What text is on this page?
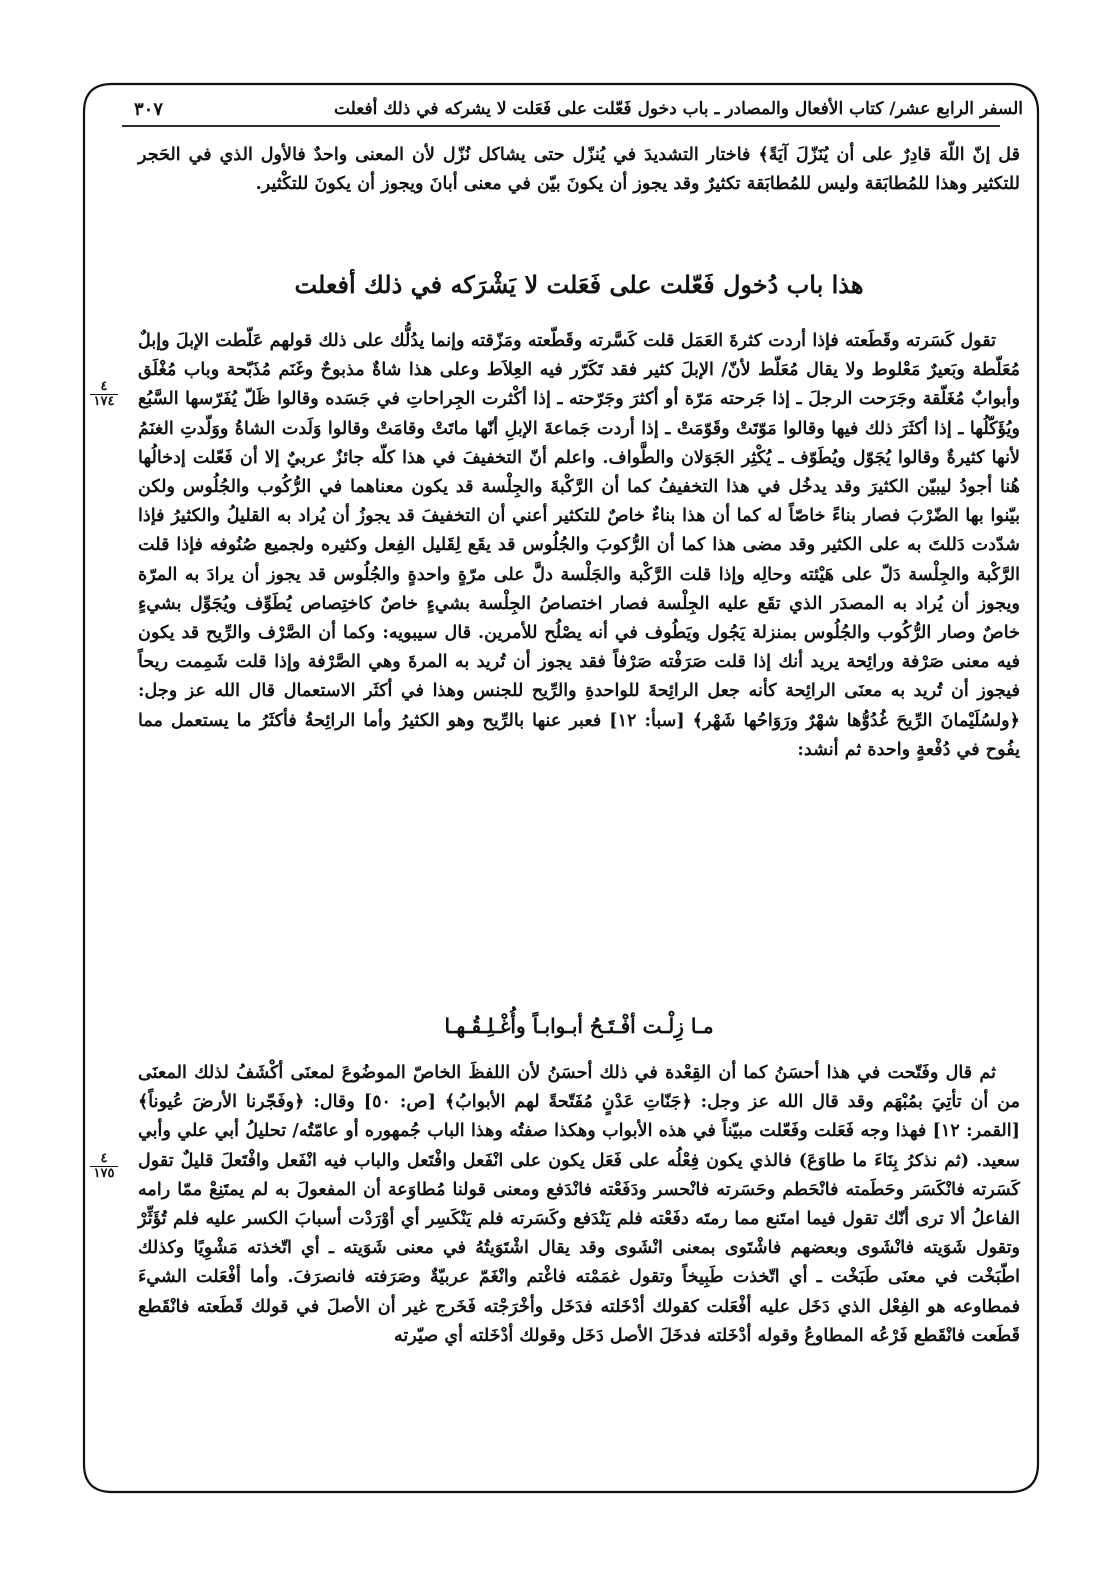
السفر الرابع عشر/ كتاب الأفعال والمصادر ـ باب دخول فَعّلت على فَعَلت لا يشركه في ذلك أفعلت
٣٠٧
قل إنّ اللّهَ قادِرٌ على أن يُنَزّلَ آيَةً﴾ فاختار التشديدَ في يُنزّل حتى يشاكل نُزّل لأن المعنى واحدٌ فالأول الذي في الحَجر للتكثير وهذا للمُطابَقة وليس للمُطابَقة تكثيرٌ وقد يجوز أن يكونَ بيّن في معنى أبانَ ويجوز أن يكونَ للتكْثير.
هذا باب دُخول فَعّلت على فَعَلت لا يَشْرَكه في ذلك أفعلت
تقول كَسَرته وقَطَعته فإذا أردت كثرةَ العَمَل قلت كَسَّرته وقَطّعته ومَزّقته وإنما يدُلُّك على ذلك قولهم عَلّطت الإبلَ وإبلٌ مُعَلّطة وبَعيرٌ مَعْلوط ولا يقال مُعَلّط لأنّ/ الإبلَ كثير فقد تَكَرّر فيه العِلاَط وعلى هذا شاةٌ مذبوحٌ وغَنَم مُذَبّحة وباب مُغْلَق وأبوابٌ مُغَلّقة وجَرَحت الرجلَ ـ إذا جَرحته مَرّة أو أكثرَ وجَرّحته ـ إذا أكْثرت الجِراحاتِ في جَسَده وقالوا ظَلّ يُفَرّسها السَّبُع ويُؤَكّلُها ـ إذا أكثَرَ ذلك فيها وقالوا مَوّتَتْ وقَوّمَتْ ـ إذا أردت جَماعةَ الإبلِ أنّها ماتَتْ وقامَتْ وقالوا وَلَدت الشاةُ ووَلّدتِ الغنَمُ لأنها كثيرةٌ وقالوا يُجَوّل ويُطَوّف ـ يُكْثِر الجَوَلان والطَّواف. واعلم أنّ التخفيفَ في هذا كلّه جائزٌ عربيٌ إلا أن فَعّلت إدخالُها هُنا أجودُ ليبيّن الكثيرَ وقد يدخُل في هذا التخفيفُ كما أن الرَّكْبةَ والجِلْسة قد يكون معناهما في الرُّكُوب والجُلُوس ولكن بيّنوا بها الضّرْبَ فصار بناءً خاصّاً له كما أن هذا بناءٌ خاصٌ للتكثير أعني أن التخفيفَ قد يجوزُ أن يُراد به القليلُ والكثيرُ فإذا شدّدت دَللتَ به على الكثير وقد مضى هذا كما أن الرُّكوبَ والجُلُوس قد يقَع لِقَليل الفِعل وكثيره ولجميع صُنُوفه فإذا قلت الرَّكْبة والجِلْسة دَلّ على هَيْئته وحالِه وإذا قلت الرَّكْبة والجَلْسة دلَّ على مرّةٍ واحدةٍ والجُلُوس قد يجوز أن يرادَ به المرّة ويجوز أن يُراد به المصدَر الذي تقَع عليه الجِلْسة فصار اختصاصُ الجِلْسة بشيءٍ خاصٌ كاختِصاص يُطَوِّف ويُجَوِّل بشيءٍ خاصٌ وصار الرُّكُوب والجُلُوس بمنزلة يَجُول ويَطُوف في أنه يصْلُح للأمرين. قال سيبويه: وكما أن الصَّرْف والرِّيح قد يكون فيه معنى صَرْفة ورائِحة يريد أنك إذا قلت صَرَفْته صَرْفاً فقد يجوز أن تُريد به المرةَ وهي الصَّرْفة وإذا قلت شَمِمت ريحاً فيجوز أن تُريد به معنَى الرائِحة كأنه جعل الرائِحةَ للواحدةِ والرِّيح للجنس وهذا في أكثَر الاستعمال قال الله عز وجل: ﴿ولسُلَيْمانَ الرِّيحَ غُدُوُّها شهْرٌ ورَوَاحُها شَهْر﴾ [سبأ: ١٢] فعبر عنها بالرِّيح وهو الكثيرُ وأما الرائِحةُ فأكثَرُ ما يستعمل مما يفُوح في دُفْعةٍ واحدة ثم أنشد:
مـا زِلْـت أفْـتَـحُ أبـوابـاً وأُغْـلِـقُـهـا
ثم قال وفَتّحت في هذا أحسَنُ كما أن القِعْدة في ذلك أحسَنُ لأن اللفظَ الخاصّ الموضُوعَ لمعنَى أكْشَفُ لذلك المعنَى من أن تأتِيَ بمُبْهَم وقد قال الله عز وجل: ﴿جَنّاتِ عَدْنٍ مُفَتّحةً لهم الأبوابُ﴾ [ص: ٥٠] وقال: ﴿وفَجّرنا الأرضَ عُيوناً﴾ [القمر: ١٢] فهذا وجه فَعَلت وفَعّلت مبيّناً في هذه الأبواب وهكذا صفتُه وهذا الباب جُمهوره أو عامّتُه/ تحليلُ أبي علي وأبي سعيد. (ثم نذكرُ بِنَاءَ ما طاوَعَ) فالذي يكون فِعْلُه على فَعَل يكون على انْفَعل وافْتَعل والباب فيه انْفَعل وافْتَعلَ قليلٌ تقول كَسَرته فانْكَسَر وحَطَمته فانْحَطم وحَسَرته فانْحسر ودَفَعْته فانْدَفع ومعنى قولنا مُطاوَعة أن المفعولَ به لم يمتَنِعْ ممّا رامه الفاعلُ ألا ترى أنّك تقول فيما امتَنع مما رمتَه دفَعْته فلم يَنْدَفع وكَسَرته فلم يَنْكَسِر أي أوْرَدْت أسبابَ الكسر عليه فلم تُؤَثِّرْ وتقول شَوَيته فانْشَوى وبعضهم فاشْتَوى بمعنى انْشَوى وقد يقال اشْتَوَيتُهُ في معنى شَوَيته ـ أي اتّخذته مَشْوِيًا وكذلك اطّبَخْت في معنَى طَبَخْت ـ أي اتّخذت طَبِيخاً وتقول غمَمْته فاغْتم وانْغَمّ عربيّةٌ وصَرَفته فانصرَفَ. وأما أفْعَلت الشيءَ فمطاوعه هو الفِعْل الذي دَخَل عليه أفْعَلت كقولك أدْخَلته فدَخَل وأخْرَجْته فَخَرج غير أن الأصلَ في قولك قَطَعته فانْقَطع قَطَعت فانْقَطع فَرْعُه المطاوعُ وقوله أدْخَلته فدخَلَ الأصل دَخَل وقولك أدْخَلته أي صيّرته
٤
١٧٤
٤
١٧٥
